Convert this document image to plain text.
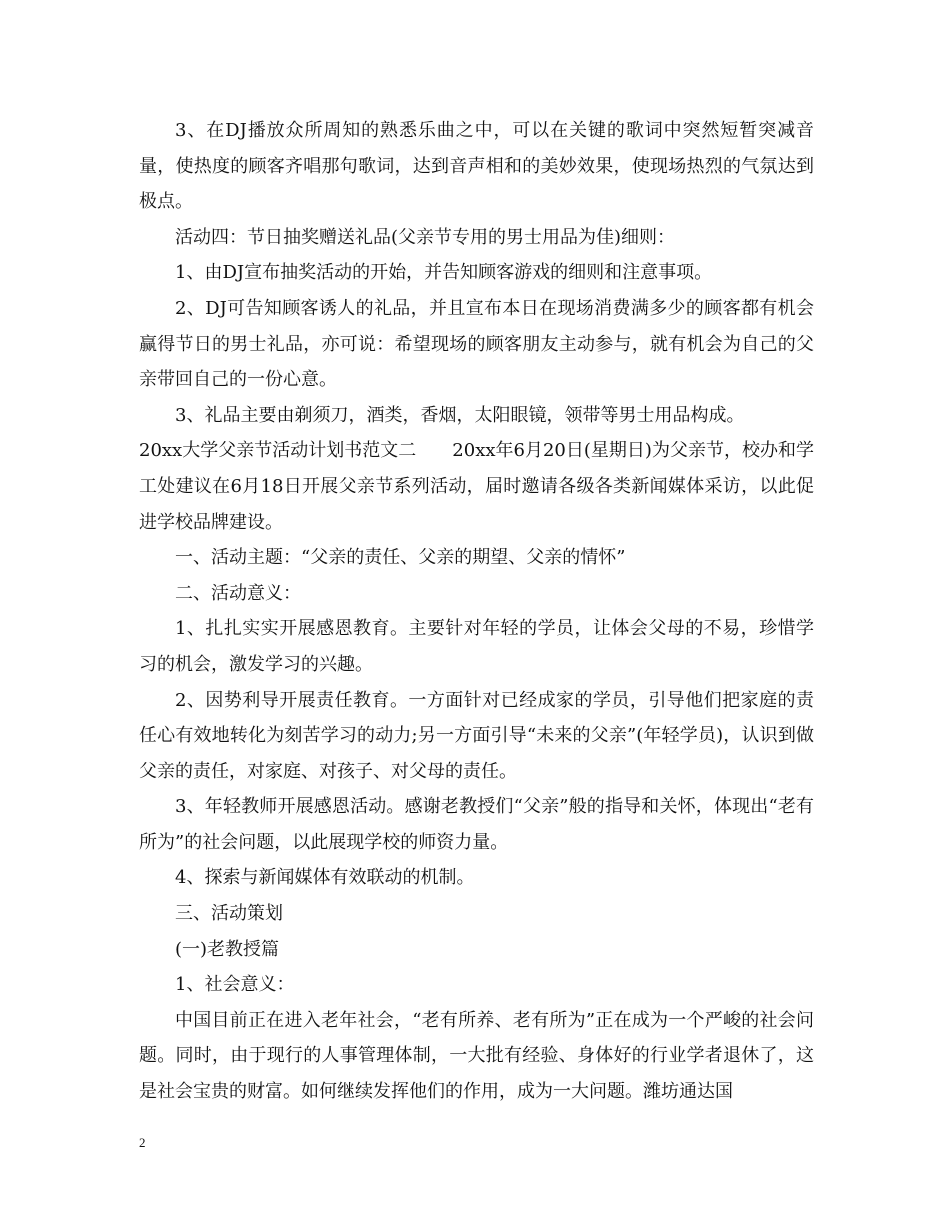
3、在DJ播放众所周知的熟悉乐曲之中，可以在关键的歌词中突然短暂突减音量，使热度的顾客齐唱那句歌词，达到音声相和的美妙效果，使现场热烈的气氛达到极点。

活动四：节日抽奖赠送礼品(父亲节专用的男士用品为佳)细则：

1、由DJ宣布抽奖活动的开始，并告知顾客游戏的细则和注意事项。

2、DJ可告知顾客诱人的礼品，并且宣布本日在现场消费满多少的顾客都有机会赢得节日的男士礼品，亦可说：希望现场的顾客朋友主动参与，就有机会为自己的父亲带回自己的一份心意。

3、礼品主要由剃须刀，酒类，香烟，太阳眼镜，领带等男士用品构成。

20xx大学父亲节活动计划书范文二　　20xx年6月20日(星期日)为父亲节，校办和学工处建议在6月18日开展父亲节系列活动，届时邀请各级各类新闻媒体采访，以此促进学校品牌建设。

一、活动主题：“父亲的责任、父亲的期望、父亲的情怀”

二、活动意义：

1、扎扎实实开展感恩教育。主要针对年轻的学员，让体会父母的不易，珍惜学习的机会，激发学习的兴趣。

2、因势利导开展责任教育。一方面针对已经成家的学员，引导他们把家庭的责任心有效地转化为刻苦学习的动力;另一方面引导“未来的父亲”(年轻学员)，认识到做父亲的责任，对家庭、对孩子、对父母的责任。

3、年轻教师开展感恩活动。感谢老教授们“父亲”般的指导和关怀，体现出“老有所为”的社会问题，以此展现学校的师资力量。

4、探索与新闻媒体有效联动的机制。

三、活动策划

(一)老教授篇

1、社会意义：

中国目前正在进入老年社会，“老有所养、老有所为”正在成为一个严峻的社会问题。同时，由于现行的人事管理体制，一大批有经验、身体好的行业学者退休了，这是社会宝贵的财富。如何继续发挥他们的作用，成为一大问题。潍坊通达国

2
